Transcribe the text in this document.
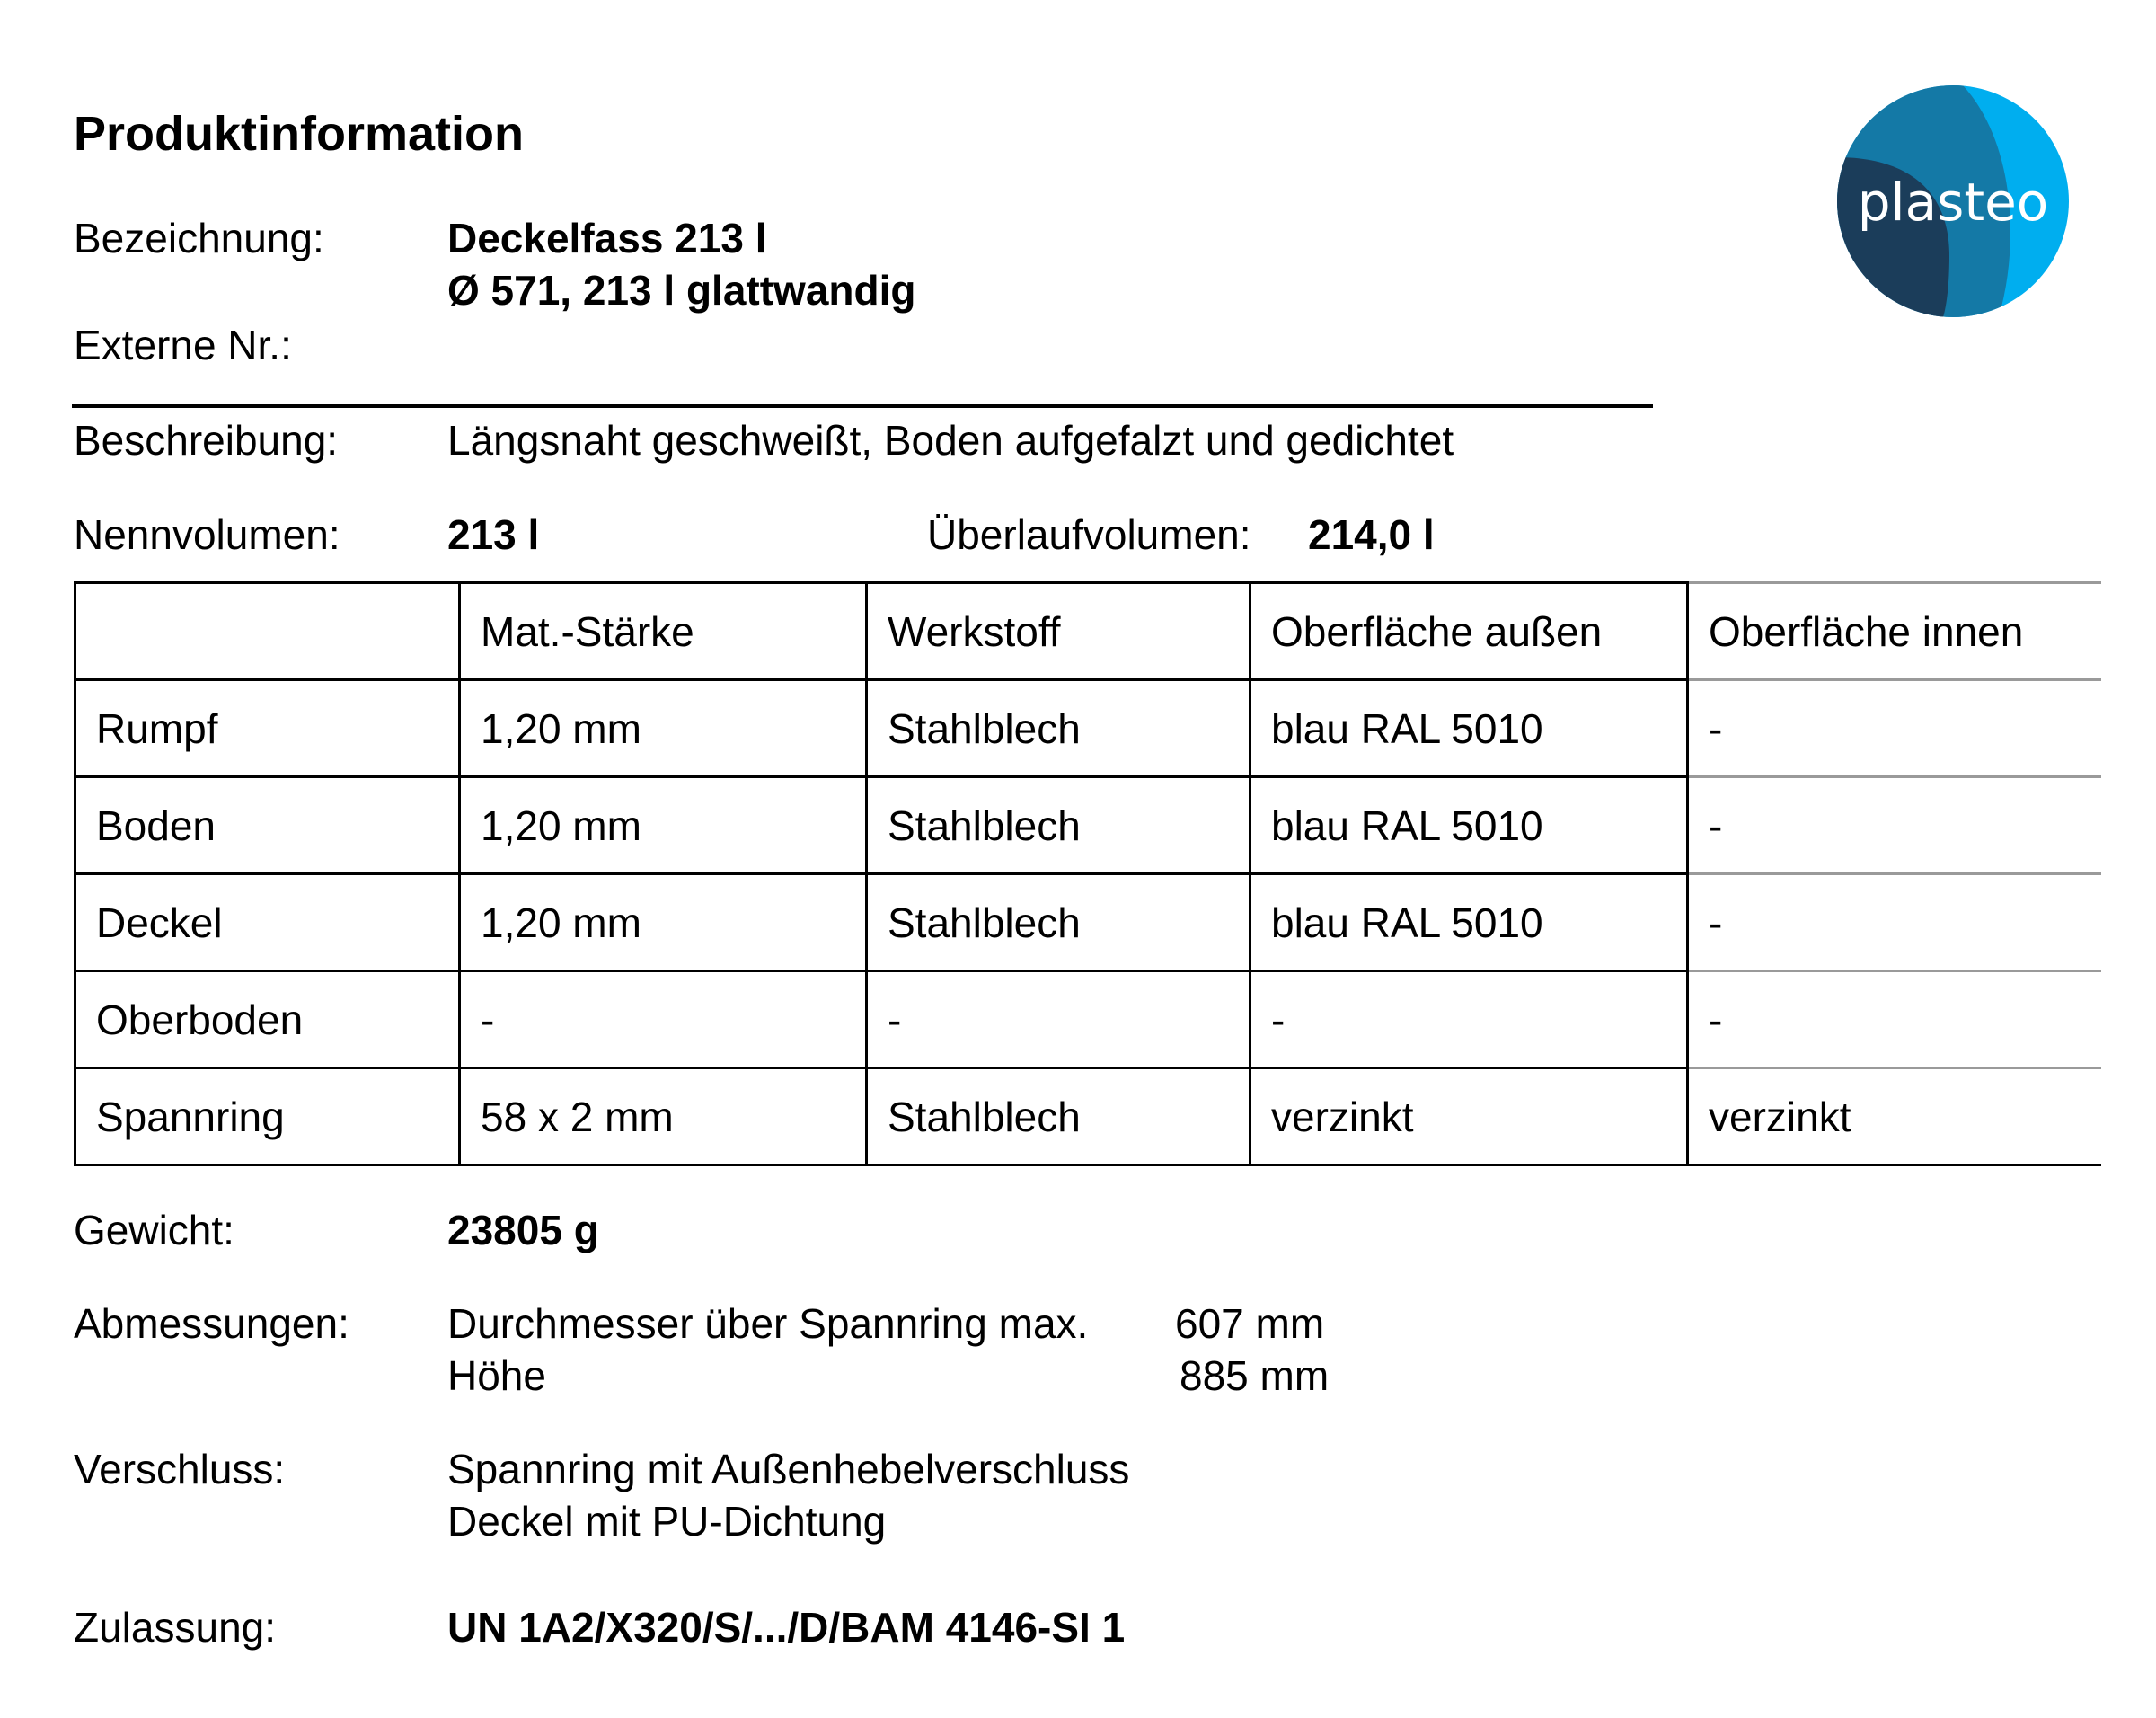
Produktinformation
plasteo
Bezeichnung:	Deckelfass 213 l
Ø 571, 213 l glattwandig
Externe Nr.:
Beschreibung:	Längsnaht geschweißt, Boden aufgefalzt und gedichtet
Nennvolumen:	213 l	Überlaufvolumen: 214,0 l
	Mat.-Stärke	Werkstoff	Oberfläche außen	Oberfläche innen
Rumpf	1,20 mm	Stahlblech	blau RAL 5010	-
Boden	1,20 mm	Stahlblech	blau RAL 5010	-
Deckel	1,20 mm	Stahlblech	blau RAL 5010	-
Oberboden	-	-	-	-
Spannring	58 x 2 mm	Stahlblech	verzinkt	verzinkt
Gewicht:	23805 g
Abmessungen: Durchmesser über Spannring max. 607 mm
Höhe	885 mm
Verschluss:	Spannring mit Außenhebelverschluss
Deckel mit PU-Dichtung
Zulassung:	UN 1A2/X320/S/.../D/BAM 4146-SI 1
